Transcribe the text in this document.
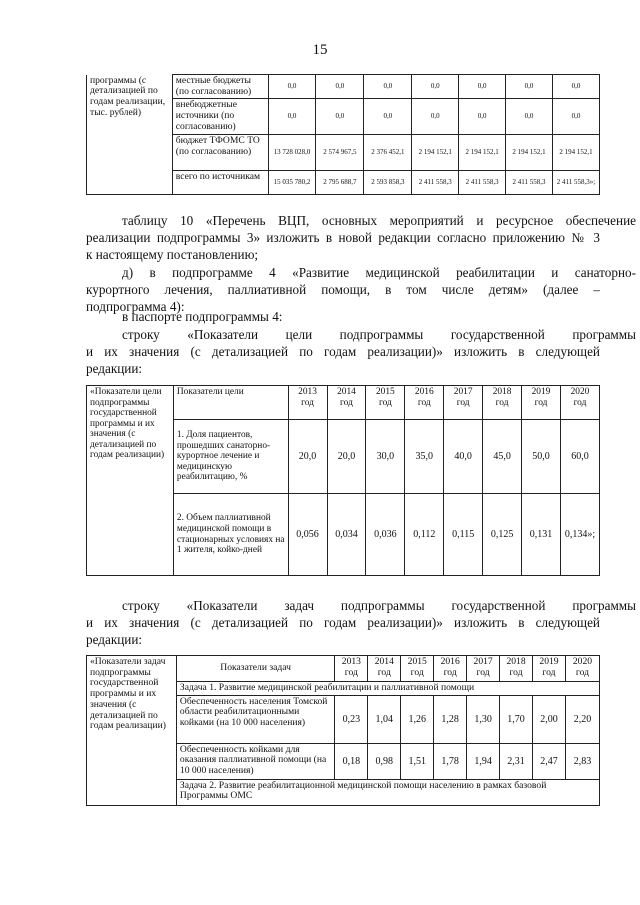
15
программы (с детализацией по годам реализации, тыс. рублей)	местные бюджеты (по согласованию)	0,0	0,0	0,0	0,0	0,0	0,0	0,0
	внебюджетные источники (по согласованию)	0,0	0,0	0,0	0,0	0,0	0,0	0,0
	бюджет ТФОМС ТО (по согласованию)	13 728 028,0	2 574 967,5	2 376 452,1	2 194 152,1	2 194 152,1	2 194 152,1	2 194 152,1
	всего по источникам	15 035 780,2	2 795 688,7	2 593 858,3	2 411 558,3	2 411 558,3	2 411 558,3	2 411 558,3»;
таблицу 10 «Перечень ВЦП, основных мероприятий и ресурсное обеспечение
реализации подпрограммы 3» изложить в новой редакции согласно приложению № 3
к настоящему постановлению;
д) в подпрограмме 4 «Развитие медицинской реабилитации и санаторно-
курортного лечения, паллиативной помощи, в том числе детям» (далее –
подпрограмма 4):
в паспорте подпрограммы 4:
строку «Показатели цели подпрограммы государственной программы
и их значения (с детализацией по годам реализации)» изложить в следующей
редакции:
«Показатели цели подпрограммы государственной программы и их значения (с детализацией по годам реализации)	Показатели цели	2013 год	2014 год	2015 год	2016 год	2017 год	2018 год	2019 год	2020 год
	1. Доля пациентов, прошедших санаторно-курортное лечение и медицинскую реабилитацию, %	20,0	20,0	30,0	35,0	40,0	45,0	50,0	60,0
	2. Объем паллиативной медицинской помощи в стационарных условиях на 1 жителя, койко-дней	0,056	0,034	0,036	0,112	0,115	0,125	0,131	0,134»;
строку «Показатели задач подпрограммы государственной программы
и их значения (с детализацией по годам реализации)» изложить в следующей
редакции:
«Показатели задач подпрограммы государственной программы и их значения (с детализацией по годам реализации)	Показатели задач	2013 год	2014 год	2015 год	2016 год	2017 год	2018 год	2019 год	2020 год
	Задача 1. Развитие медицинской реабилитации и паллиативной помощи								
	Обеспеченность населения Томской области реабилитационными койками (на 10 000 населения)	0,23	1,04	1,26	1,28	1,30	1,70	2,00	2,20
	Обеспеченность койками для оказания паллиативной помощи (на 10 000 населения)	0,18	0,98	1,51	1,78	1,94	2,31	2,47	2,83
	Задача 2. Развитие реабилитационной медицинской помощи населению в рамках базовой Программы ОМС								
